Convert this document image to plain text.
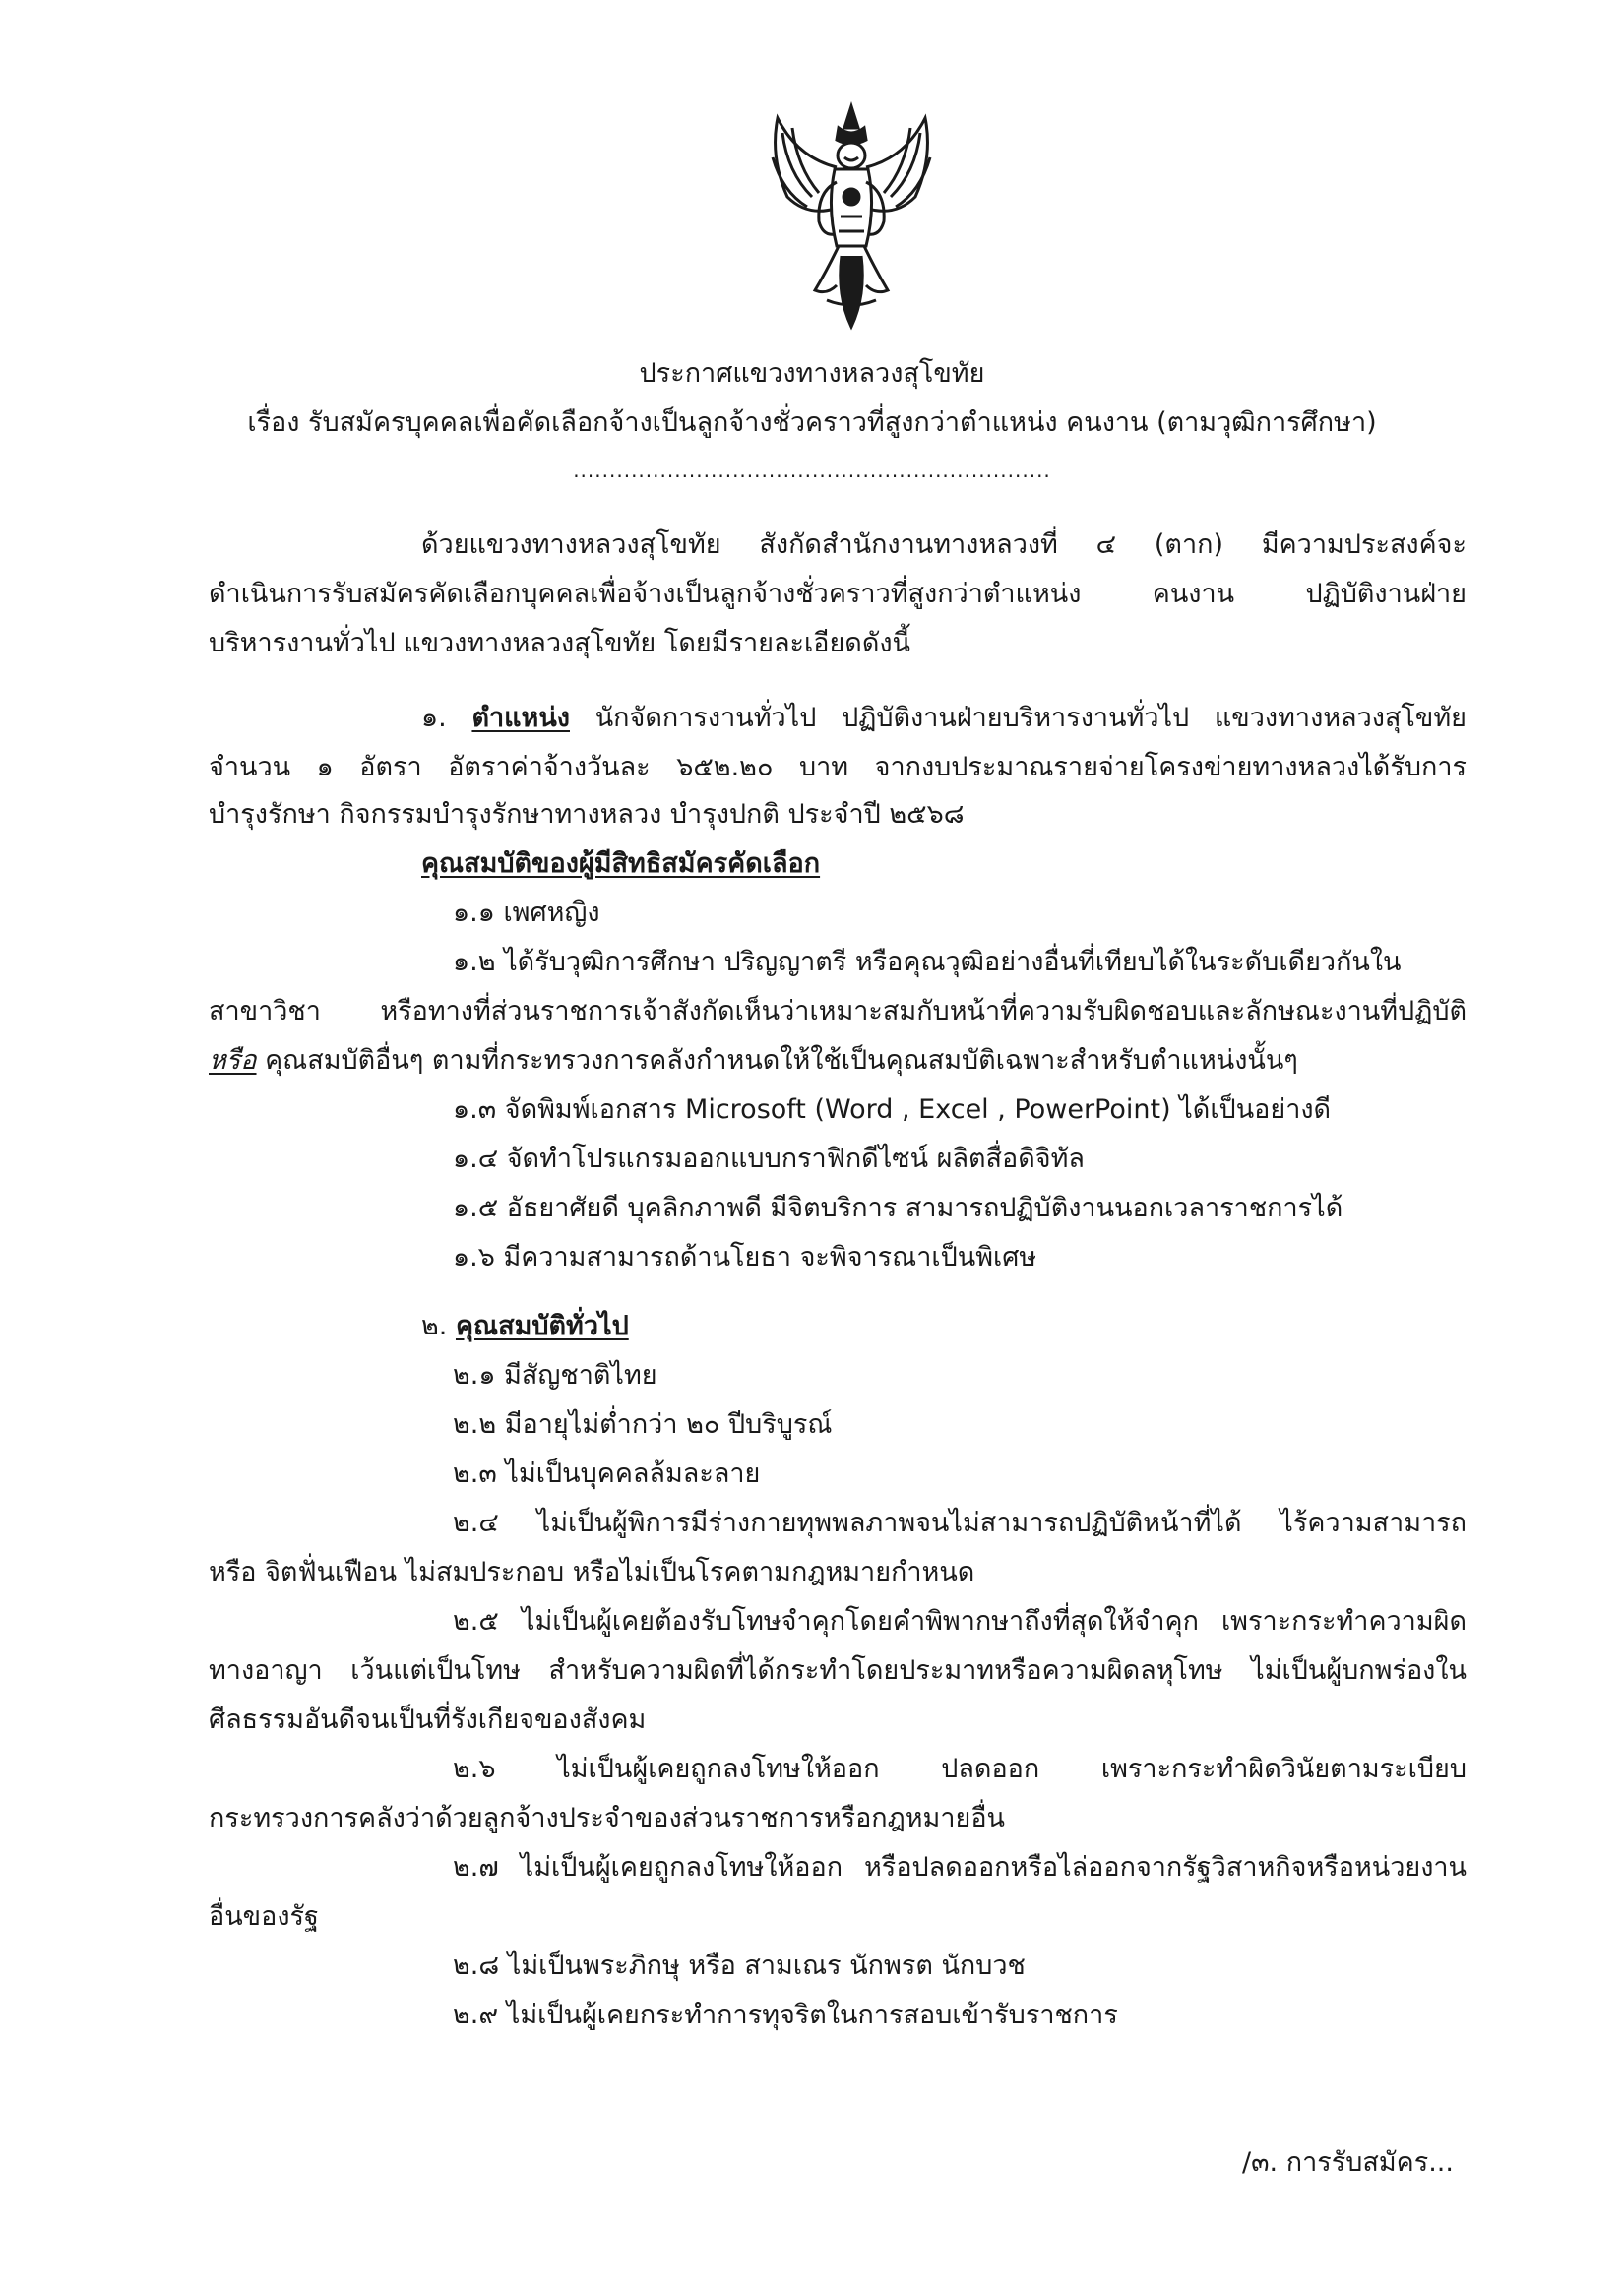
ประกาศแขวงทางหลวงสุโขทัย
เรื่อง รับสมัครบุคคลเพื่อคัดเลือกจ้างเป็นลูกจ้างชั่วคราวที่สูงกว่าตำแหน่ง คนงาน (ตามวุฒิการศึกษา)
..................................................................
ด้วยแขวงทางหลวงสุโขทัย สังกัดสำนักงานทางหลวงที่ ๔ (ตาก) มีความประสงค์จะ
ดำเนินการรับสมัครคัดเลือกบุคคลเพื่อจ้างเป็นลูกจ้างชั่วคราวที่สูงกว่าตำแหน่ง คนงาน ปฏิบัติงานฝ่าย
บริหารงานทั่วไป แขวงทางหลวงสุโขทัย โดยมีรายละเอียดดังนี้
๑. ตำแหน่ง นักจัดการงานทั่วไป ปฏิบัติงานฝ่ายบริหารงานทั่วไป แขวงทางหลวงสุโขทัย
จำนวน ๑ อัตรา อัตราค่าจ้างวันละ ๖๕๒.๒๐ บาท จากงบประมาณรายจ่ายโครงข่ายทางหลวงได้รับการ
บำรุงรักษา กิจกรรมบำรุงรักษาทางหลวง บำรุงปกติ ประจำปี ๒๕๖๘
คุณสมบัติของผู้มีสิทธิสมัครคัดเลือก
๑.๑ เพศหญิง
๑.๒ ได้รับวุฒิการศึกษา ปริญญาตรี หรือคุณวุฒิอย่างอื่นที่เทียบได้ในระดับเดียวกันใน
สาขาวิชา หรือทางที่ส่วนราชการเจ้าสังกัดเห็นว่าเหมาะสมกับหน้าที่ความรับผิดชอบและลักษณะงานที่ปฏิบัติ
หรือ คุณสมบัติอื่นๆ ตามที่กระทรวงการคลังกำหนดให้ใช้เป็นคุณสมบัติเฉพาะสำหรับตำแหน่งนั้นๆ
๑.๓ จัดพิมพ์เอกสาร Microsoft (Word , Excel , PowerPoint) ได้เป็นอย่างดี
๑.๔ จัดทำโปรแกรมออกแบบกราฟิกดีไซน์ ผลิตสื่อดิจิทัล
๑.๕ อัธยาศัยดี บุคลิกภาพดี มีจิตบริการ สามารถปฏิบัติงานนอกเวลาราชการได้
๑.๖ มีความสามารถด้านโยธา จะพิจารณาเป็นพิเศษ
๒. คุณสมบัติทั่วไป
๒.๑ มีสัญชาติไทย
๒.๒ มีอายุไม่ต่ำกว่า ๒๐ ปีบริบูรณ์
๒.๓ ไม่เป็นบุคคลล้มละลาย
๒.๔ ไม่เป็นผู้พิการมีร่างกายทุพพลภาพจนไม่สามารถปฏิบัติหน้าที่ได้ ไร้ความสามารถ
หรือ จิตฟั่นเฟือน ไม่สมประกอบ หรือไม่เป็นโรคตามกฎหมายกำหนด
๒.๕ ไม่เป็นผู้เคยต้องรับโทษจำคุกโดยคำพิพากษาถึงที่สุดให้จำคุก เพราะกระทำความผิด
ทางอาญา เว้นแต่เป็นโทษ สำหรับความผิดที่ได้กระทำโดยประมาทหรือความผิดลหุโทษ ไม่เป็นผู้บกพร่องใน
ศีลธรรมอันดีจนเป็นที่รังเกียจของสังคม
๒.๖ ไม่เป็นผู้เคยถูกลงโทษให้ออก ปลดออก เพราะกระทำผิดวินัยตามระเบียบ
กระทรวงการคลังว่าด้วยลูกจ้างประจำของส่วนราชการหรือกฎหมายอื่น
๒.๗ ไม่เป็นผู้เคยถูกลงโทษให้ออก หรือปลดออกหรือไล่ออกจากรัฐวิสาหกิจหรือหน่วยงาน
อื่นของรัฐ
๒.๘ ไม่เป็นพระภิกษุ หรือ สามเณร นักพรต นักบวช
๒.๙ ไม่เป็นผู้เคยกระทำการทุจริตในการสอบเข้ารับราชการ
/๓. การรับสมัคร...
